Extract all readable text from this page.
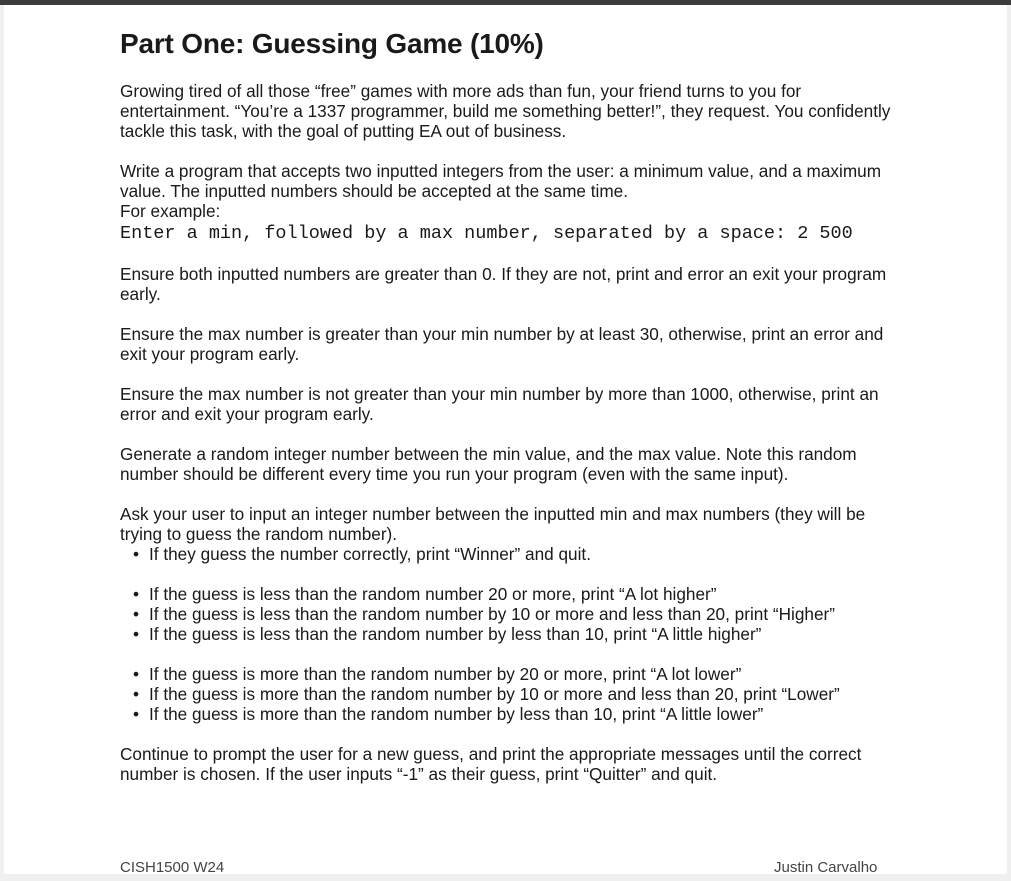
Part One: Guessing Game (10%)

Growing tired of all those “free” games with more ads than fun, your friend turns to you for entertainment. “You’re a 1337 programmer, build me something better!”, they request. You confidently tackle this task, with the goal of putting EA out of business.

Write a program that accepts two inputted integers from the user: a minimum value, and a maximum value. The inputted numbers should be accepted at the same time.
For example:
Enter a min, followed by a max number, separated by a space: 2 500

Ensure both inputted numbers are greater than 0. If they are not, print and error an exit your program early.

Ensure the max number is greater than your min number by at least 30, otherwise, print an error and exit your program early.

Ensure the max number is not greater than your min number by more than 1000, otherwise, print an error and exit your program early.

Generate a random integer number between the min value, and the max value. Note this random number should be different every time you run your program (even with the same input).

Ask your user to input an integer number between the inputted min and max numbers (they will be trying to guess the random number).
• If they guess the number correctly, print “Winner” and quit.
• If the guess is less than the random number 20 or more, print “A lot higher”
• If the guess is less than the random number by 10 or more and less than 20, print “Higher”
• If the guess is less than the random number by less than 10, print “A little higher”
• If the guess is more than the random number by 20 or more, print “A lot lower”
• If the guess is more than the random number by 10 or more and less than 20, print “Lower”
• If the guess is more than the random number by less than 10, print “A little lower”

Continue to prompt the user for a new guess, and print the appropriate messages until the correct number is chosen. If the user inputs “-1” as their guess, print “Quitter” and quit.

CISH1500 W24	Justin Carvalho
